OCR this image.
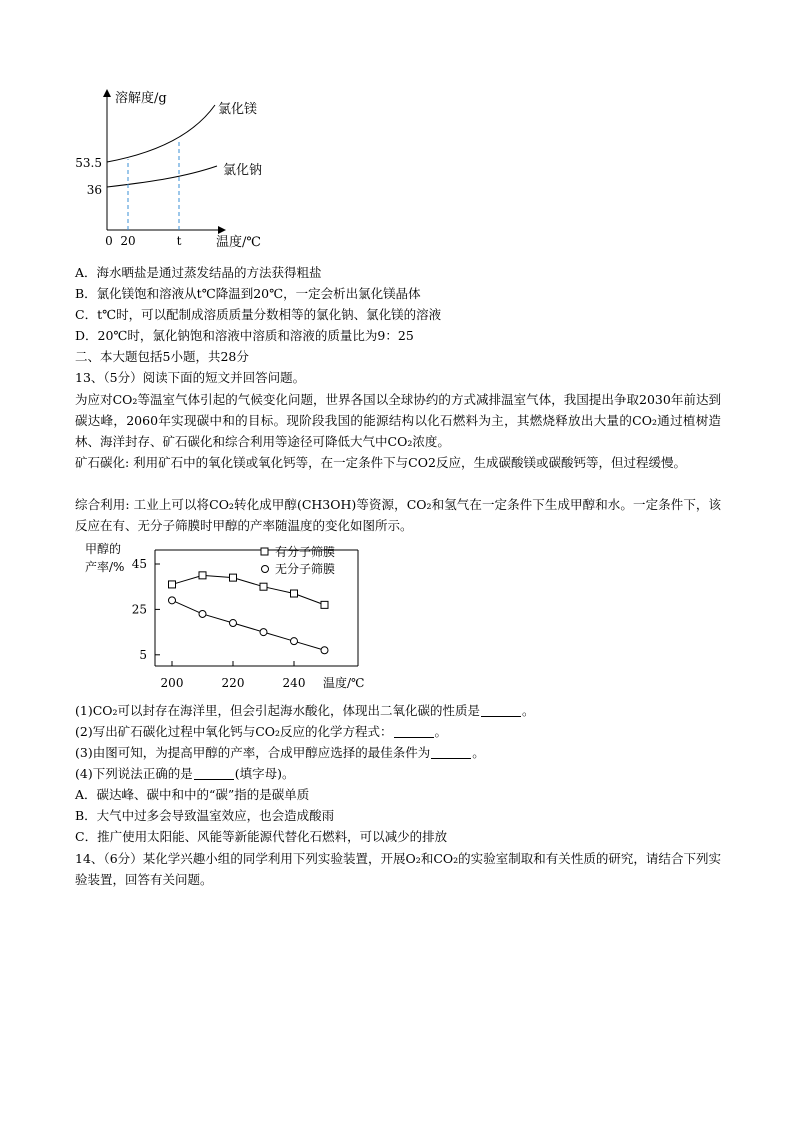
溶解度/g
温度/℃
53.5
36
0 20	t
氯化镁
氯化钠
A．海水晒盐是通过蒸发结晶的方法获得粗盐
B．氯化镁饱和溶液从t℃降温到20℃，一定会析出氯化镁晶体
C．t℃时，可以配制成溶质质量分数相等的氯化钠、氯化镁的溶液
D．20℃时，氯化钠饱和溶液中溶质和溶液的质量比为9：25
二、本大题包括5小题，共28分
13、（5分）阅读下面的短文并回答问题。
为应对CO₂等温室气体引起的气候变化问题，世界各国以全球协约的方式减排温室气体，我国提出争取2030年前达到碳达峰，2060年实现碳中和的目标。现阶段我国的能源结构以化石燃料为主，其燃烧释放出大量的CO₂通过植树造林、海洋封存、矿石碳化和综合利用等途径可降低大气中CO₂浓度。
矿石碳化: 利用矿石中的氧化镁或氧化钙等，在一定条件下与CO2反应，生成碳酸镁或碳酸钙等，但过程缓慢。
综合利用: 工业上可以将CO₂转化成甲醇(CH3OH)等资源，CO₂和氢气在一定条件下生成甲醇和水。一定条件下，该反应在有、无分子筛膜时甲醇的产率随温度的变化如图所示。
甲醇的
产率/% 45
25
5
200	220	240
有分子筛膜
无分子筛膜
温度/℃
(1)CO₂可以封存在海洋里，但会引起海水酸化，体现出二氧化碳的性质是	。
(2)写出矿石碳化过程中氧化钙与CO₂反应的化学方程式：	。
(3)由图可知，为提高甲醇的产率，合成甲醇应选择的最佳条件为	。
(4)下列说法正确的是	(填字母)。
A．碳达峰、碳中和中的“碳”指的是碳单质
B．大气中过多会导致温室效应，也会造成酸雨
C．推广使用太阳能、风能等新能源代替化石燃料，可以减少的排放
14、（6分）某化学兴趣小组的同学利用下列实验装置，开展O₂和CO₂的实验室制取和有关性质的研究，请结合下列实验装置，回答有关问题。
